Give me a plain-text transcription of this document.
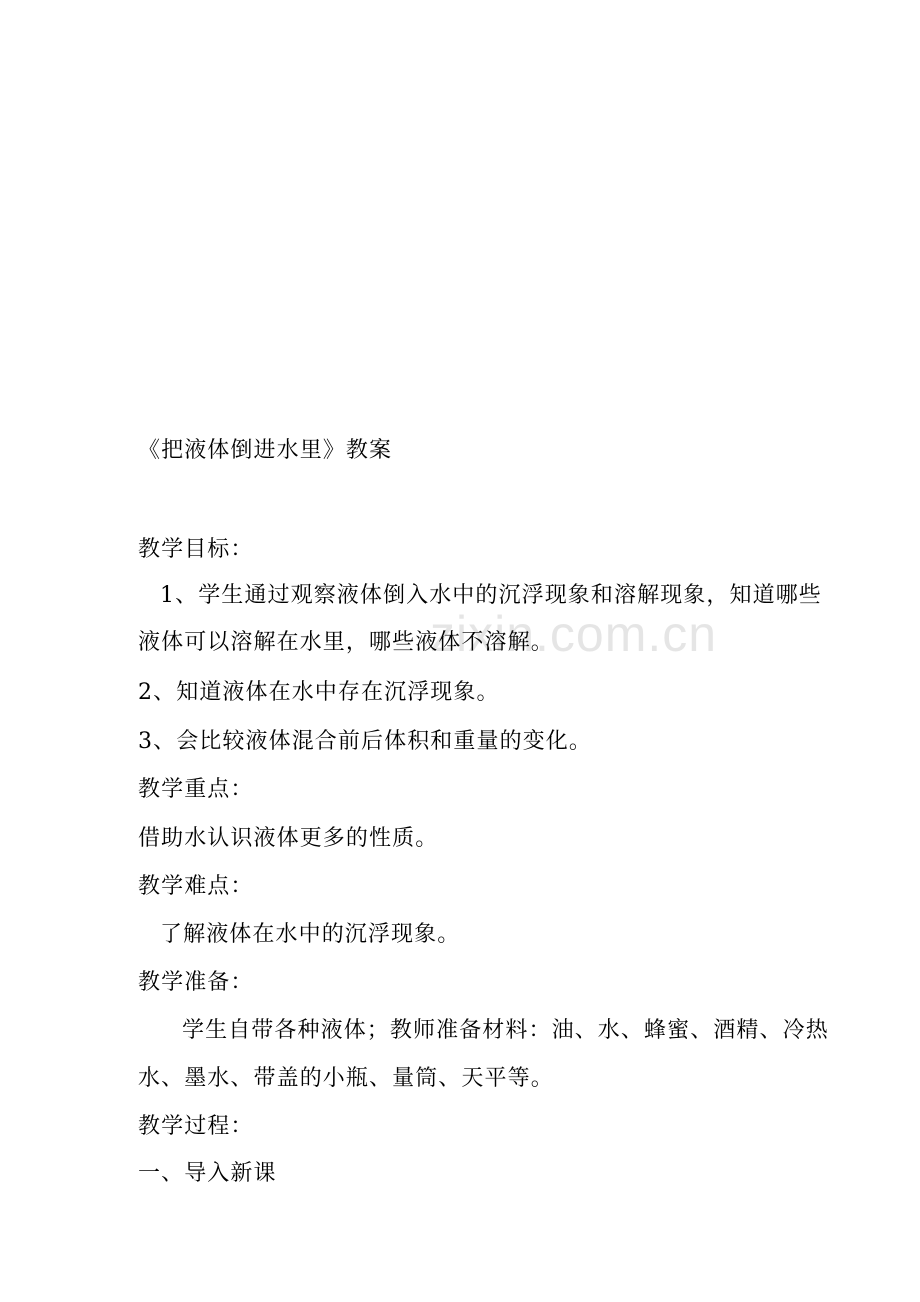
zixin.com.cn
《把液体倒进水里》教案
教学目标：
1、学生通过观察液体倒入水中的沉浮现象和溶解现象，知道哪些
液体可以溶解在水里，哪些液体不溶解。
2、知道液体在水中存在沉浮现象。
3、会比较液体混合前后体积和重量的变化。
教学重点：
借助水认识液体更多的性质。
教学难点：
了解液体在水中的沉浮现象。
教学准备：
学生自带各种液体；教师准备材料：油、水、蜂蜜、酒精、冷热
水、墨水、带盖的小瓶、量筒、天平等。
教学过程：
一、导入新课
